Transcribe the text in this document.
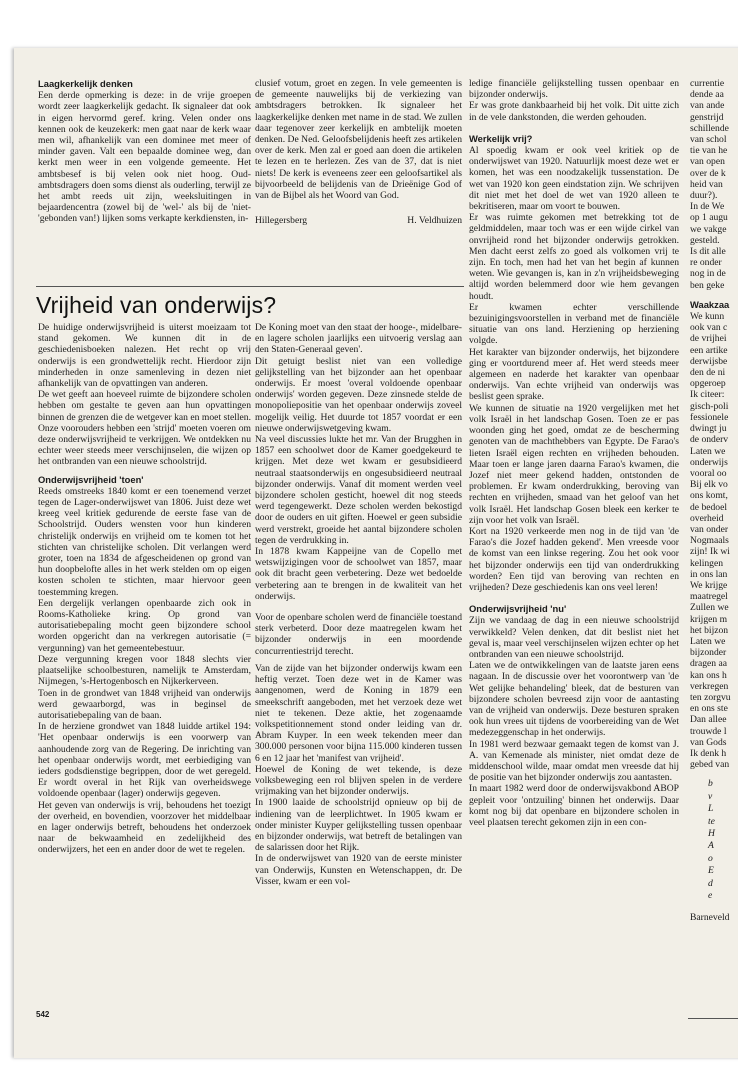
Laagkerkelijk denken

Een derde opmerking is deze: in de vrije groepen wordt zeer laagkerkelijk gedacht. Ik signaleer dat ook in eigen hervormd geref. kring. Velen onder ons kennen ook de keuzekerk: men gaat naar de kerk waar men wil, afhankelijk van een dominee met meer of minder gaven. Valt een bepaalde dominee weg, dan kerkt men weer in een volgende gemeente. Het ambtsbesef is bij velen ook niet hoog. Oud-ambtsdragers doen soms dienst als ouderling, terwijl ze het ambt reeds uit zijn, weeksluitingen in bejaardencentra (zowel bij de 'wel-' als bij de 'niet-'gebonden van!) lijken soms verkapte kerkdiensten, in-

clusief votum, groet en zegen. In vele gemeenten is de gemeente nauwelijks bij de verkiezing van ambtsdragers betrokken. Ik signaleer het laagkerkelijke denken met name in de stad. We zullen daar tegenover zeer kerkelijk en ambtelijk moeten denken. De Ned. Geloofsbelijdenis heeft zes artikelen over de kerk. Men zal er goed aan doen die artikelen te lezen en te herlezen. Zes van de 37, dat is niet niets! De kerk is eveneens zeer een geloofsartikel als bijvoorbeeld de belijdenis van de Drieënige God of van de Bijbel als het Woord van God.

Hillegersberg	H. Veldhuizen
Vrijheid van onderwijs?

De huidige onderwijsvrijheid is uiterst moeizaam tot stand gekomen. We kunnen dit in de geschiedenisboeken nalezen. Het recht op vrij onderwijs is een grondwettelijk recht. Hierdoor zijn minderheden in onze samenleving in dezen niet afhankelijk van de opvattingen van anderen.

De wet geeft aan hoeveel ruimte de bijzondere scholen hebben om gestalte te geven aan hun opvattingen binnen de grenzen die de wetgever kan en moet stellen. Onze voorouders hebben een 'strijd' moeten voeren om deze onderwijsvrijheid te verkrijgen. We ontdekken nu echter weer steeds meer verschijnselen, die wijzen op het ontbranden van een nieuwe schoolstrijd.

Onderwijsvrijheid 'toen'

Reeds omstreeks 1840 komt er een toenemend verzet tegen de Lager-onderwijswet van 1806. Juist deze wet kreeg veel kritiek gedurende de eerste fase van de Schoolstrijd. Ouders wensten voor hun kinderen christelijk onderwijs en vrijheid om te komen tot het stichten van christelijke scholen. Dit verlangen werd groter, toen na 1834 de afgescheidenen op grond van hun doopbelofte alles in het werk stelden om op eigen kosten scholen te stichten, maar hiervoor geen toestemming kregen.

Een dergelijk verlangen openbaarde zich ook in Rooms-Katholieke kring. Op grond van autorisatiebepaling mocht geen bijzondere school worden opgericht dan na verkregen autorisatie (= vergunning) van het gemeentebestuur.

Deze vergunning kregen voor 1848 slechts vier plaatselijke schoolbesturen, namelijk te Amsterdam, Nijmegen, 's-Hertogenbosch en Nijkerkerveen.

Toen in de grondwet van 1848 vrijheid van onderwijs werd gewaarborgd, was in beginsel de autorisatiebepaling van de baan.

In de herziene grondwet van 1848 luidde artikel 194: 'Het openbaar onderwijs is een voorwerp van aanhoudende zorg van de Regering. De inrichting van het openbaar onderwijs wordt, met eerbiediging van ieders godsdienstige begrippen, door de wet geregeld. Er wordt overal in het Rijk van overheidswege voldoende openbaar (lager) onderwijs gegeven.

Het geven van onderwijs is vrij, behoudens het toezigt der overheid, en bovendien, voorzover het middelbaar en lager onderwijs betreft, behoudens het onderzoek naar de bekwaamheid en zedelijkheid des onderwijzers, het een en ander door de wet te regelen.

De Koning moet van den staat der hooge-, midelbare- en lagere scholen jaarlijks een uitvoerig verslag aan den Staten-Generaal geven'.

Dit getuigt beslist niet van een volledige gelijkstelling van het bijzonder aan het openbaar onderwijs. Er moest 'overal voldoende openbaar onderwijs' worden gegeven. Deze zinsnede stelde de monopoliepositie van het openbaar onderwijs zoveel mogelijk veilig. Het duurde tot 1857 voordat er een nieuwe onderwijswetgeving kwam.

Na veel discussies lukte het mr. Van der Brugghen in 1857 een schoolwet door de Kamer goedgekeurd te krijgen. Met deze wet kwam er gesubsidieerd neutraal staatsonderwijs en ongesubsidieerd neutraal bijzonder onderwijs. Vanaf dit moment werden veel bijzondere scholen gesticht, hoewel dit nog steeds werd tegengewerkt. Deze scholen werden bekostigd door de ouders en uit giften. Hoewel er geen subsidie werd verstrekt, groeide het aantal bijzondere scholen tegen de verdrukking in.

In 1878 kwam Kappeijne van de Copello met wetswijzigingen voor de schoolwet van 1857, maar ook dit bracht geen verbetering. Deze wet bedoelde verbetering aan te brengen in de kwaliteit van het onderwijs.

Voor de openbare scholen werd de financiële toestand sterk verbeterd. Door deze maatregelen kwam het bijzonder onderwijs in een moordende concurrentiestrijd terecht.

Van de zijde van het bijzonder onderwijs kwam een heftig verzet. Toen deze wet in de Kamer was aangenomen, werd de Koning in 1879 een smeekschrift aangeboden, met het verzoek deze wet niet te tekenen. Deze aktie, het zogenaamde volkspetitionnement stond onder leiding van dr. Abram Kuyper. In een week tekenden meer dan 300.000 personen voor bijna 115.000 kinderen tussen 6 en 12 jaar het 'manifest van vrijheid'.

Hoewel de Koning de wet tekende, is deze volksbeweging een rol blijven spelen in de verdere vrijmaking van het bijzonder onderwijs.

In 1900 laaide de schoolstrijd opnieuw op bij de indiening van de leerplichtwet. In 1905 kwam er onder minister Kuyper gelijkstelling tussen openbaar en bijzonder onderwijs, wat betreft de betalingen van de salarissen door het Rijk.

In de onderwijswet van 1920 van de eerste minister van Onderwijs, Kunsten en Wetenschappen, dr. De Visser, kwam er een vol-

ledige financiële gelijkstelling tussen openbaar en bijzonder onderwijs.

Er was grote dankbaarheid bij het volk. Dit uitte zich in de vele dankstonden, die werden gehouden.

Werkelijk vrij?

Al spoedig kwam er ook veel kritiek op de onderwijswet van 1920. Natuurlijk moest deze wet er komen, het was een noodzakelijk tussenstation. De wet van 1920 kon geen eindstation zijn. We schrijven dit niet met het doel de wet van 1920 alleen te bekritiseren, maar om voort te bouwen.

Er was ruimte gekomen met betrekking tot de geldmiddelen, maar toch was er een wijde cirkel van onvrijheid rond het bijzonder onderwijs getrokken. Men dacht eerst zelfs zo goed als volkomen vrij te zijn. En toch, men had het van het begin af kunnen weten. Wie gevangen is, kan in z'n vrijheidsbeweging altijd worden belemmerd door wie hem gevangen houdt.

Er kwamen echter verschillende bezuinigingsvoorstellen in verband met de financiële situatie van ons land. Herziening op herziening volgde.

Het karakter van bijzonder onderwijs, het bijzondere ging er voortdurend meer af. Het werd steeds meer algemeen en naderde het karakter van openbaar onderwijs. Van echte vrijheid van onderwijs was beslist geen sprake.

We kunnen de situatie na 1920 vergelijken met het volk Israël in het landschap Gosen. Toen ze er pas woonden ging het goed, omdat ze de bescherming genoten van de machthebbers van Egypte. De Farao's lieten Israël eigen rechten en vrijheden behouden. Maar toen er lange jaren daarna Farao's kwamen, die Jozef niet meer gekend hadden, ontstonden de problemen. Er kwam onderdrukking, beroving van rechten en vrijheden, smaad van het geloof van het volk Israël. Het landschap Gosen bleek een kerker te zijn voor het volk van Israël.

Kort na 1920 verkeerde men nog in de tijd van 'de Farao's die Jozef hadden gekend'. Men vreesde voor de komst van een linkse regering. Zou het ook voor het bijzonder onderwijs een tijd van onderdrukking worden? Een tijd van beroving van rechten en vrijheden? Deze geschiedenis kan ons veel leren!

Onderwijsvrijheid 'nu'

Zijn we vandaag de dag in een nieuwe schoolstrijd verwikkeld? Velen denken, dat dit beslist niet het geval is, maar veel verschijnselen wijzen echter op het ontbranden van een nieuwe schoolstrijd.

Laten we de ontwikkelingen van de laatste jaren eens nagaan. In de discussie over het voorontwerp van 'de Wet gelijke behandeling' bleek, dat de besturen van bijzondere scholen bevreesd zijn voor de aantasting van de vrijheid van onderwijs. Deze besturen spraken ook hun vrees uit tijdens de voorbereiding van de Wet medezeggenschap in het onderwijs.

In 1981 werd bezwaar gemaakt tegen de komst van J. A. van Kemenade als minister, niet omdat deze de middenschool wilde, maar omdat men vreesde dat hij de positie van het bijzonder onderwijs zou aantasten.

In maart 1982 werd door de onderwijsvakbond ABOP gepleit voor 'ontzuiling' binnen het onderwijs. Daar komt nog bij dat openbare en bijzondere scholen in veel plaatsen terecht gekomen zijn in een con-

currentie
dende aa
van ande
genstrijd
schillende
van schol
tie van he
van open
over de k
heid van
duur?).
In de We
op 1 augu
we vakge
gesteld.
Is dit alle
re onder
nog in de
ben geke
Waakzaa
We kunn
ook van c
de vrijhei
een artike
derwijsbe
den de ni
opgeroep
Ik citeer:
gisch-poli
fessionele
dwingt ju
de onderv
Laten we
onderwijs
vooral oo
Bij elk vo
ons komt,
de bedoel
overheid
van onder
Nogmaals
zijn! Ik wi
kelingen
in ons lan
We krijge
maatregel
Zullen we
krijgen m
het bijzon
Laten we
bijzonder
dragen aa
kan ons h
verkregen
ten zorgvu
en ons ste
Dan allee
trouwde l
van Gods
Ik denk h
gebed van
b
v
L
te
H
A
o
E
d
e
Barneveld
542
